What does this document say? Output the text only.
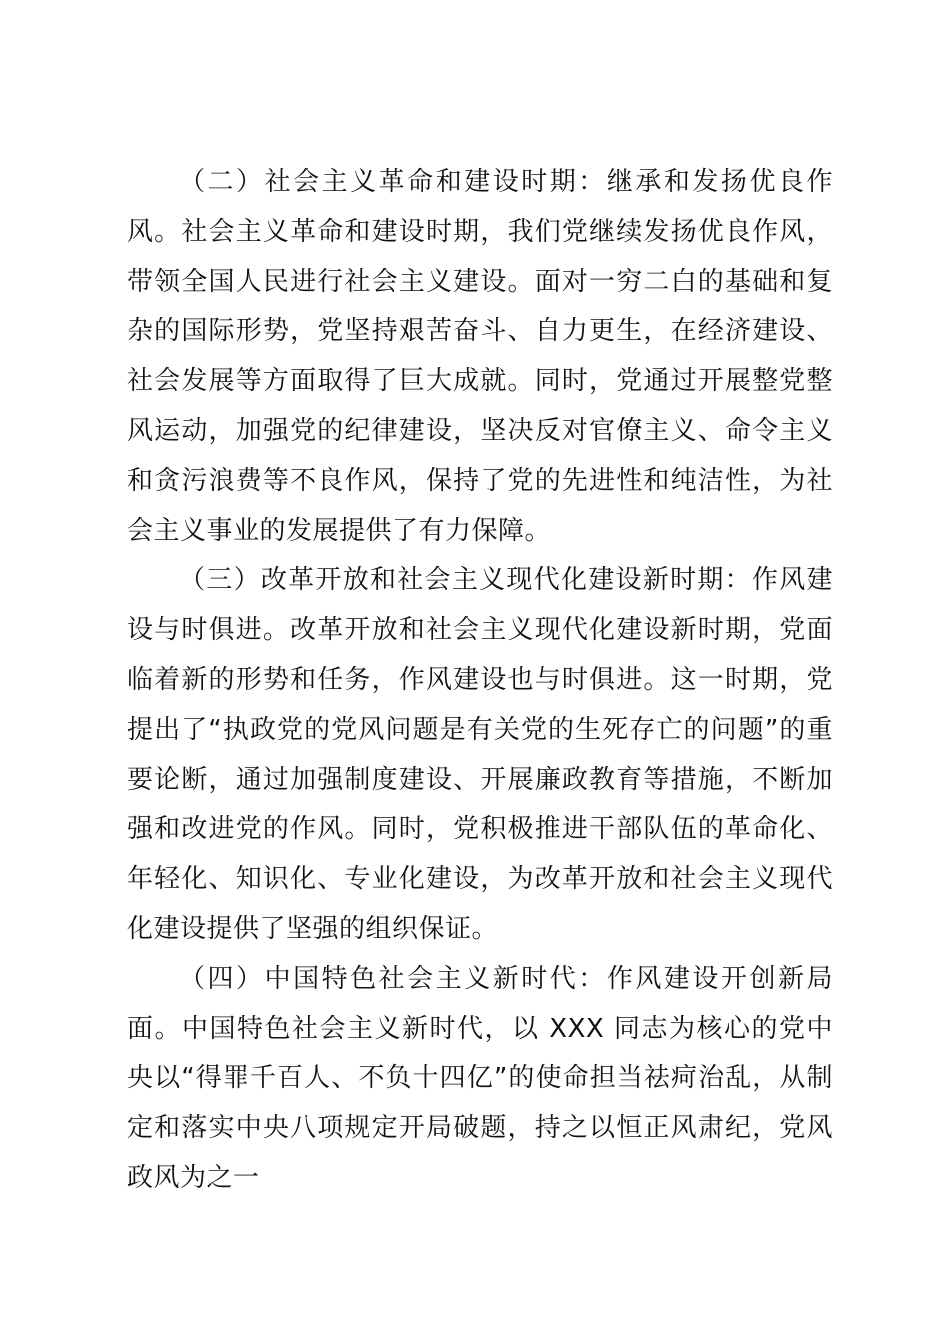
（二）社会主义革命和建设时期：继承和发扬优良作风。社会主义革命和建设时期，我们党继续发扬优良作风，带领全国人民进行社会主义建设。面对一穷二白的基础和复杂的国际形势，党坚持艰苦奋斗、自力更生，在经济建设、社会发展等方面取得了巨大成就。同时，党通过开展整党整风运动，加强党的纪律建设，坚决反对官僚主义、命令主义和贪污浪费等不良作风，保持了党的先进性和纯洁性，为社会主义事业的发展提供了有力保障。

（三）改革开放和社会主义现代化建设新时期：作风建设与时俱进。改革开放和社会主义现代化建设新时期，党面临着新的形势和任务，作风建设也与时俱进。这一时期，党提出了“执政党的党风问题是有关党的生死存亡的问题”的重要论断，通过加强制度建设、开展廉政教育等措施，不断加强和改进党的作风。同时，党积极推进干部队伍的革命化、年轻化、知识化、专业化建设，为改革开放和社会主义现代化建设提供了坚强的组织保证。

（四）中国特色社会主义新时代：作风建设开创新局面。中国特色社会主义新时代，以 XXX 同志为核心的党中央以“得罪千百人、不负十四亿”的使命担当祛疴治乱，从制定和落实中央八项规定开局破题，持之以恒正风肃纪，党风政风为之一
